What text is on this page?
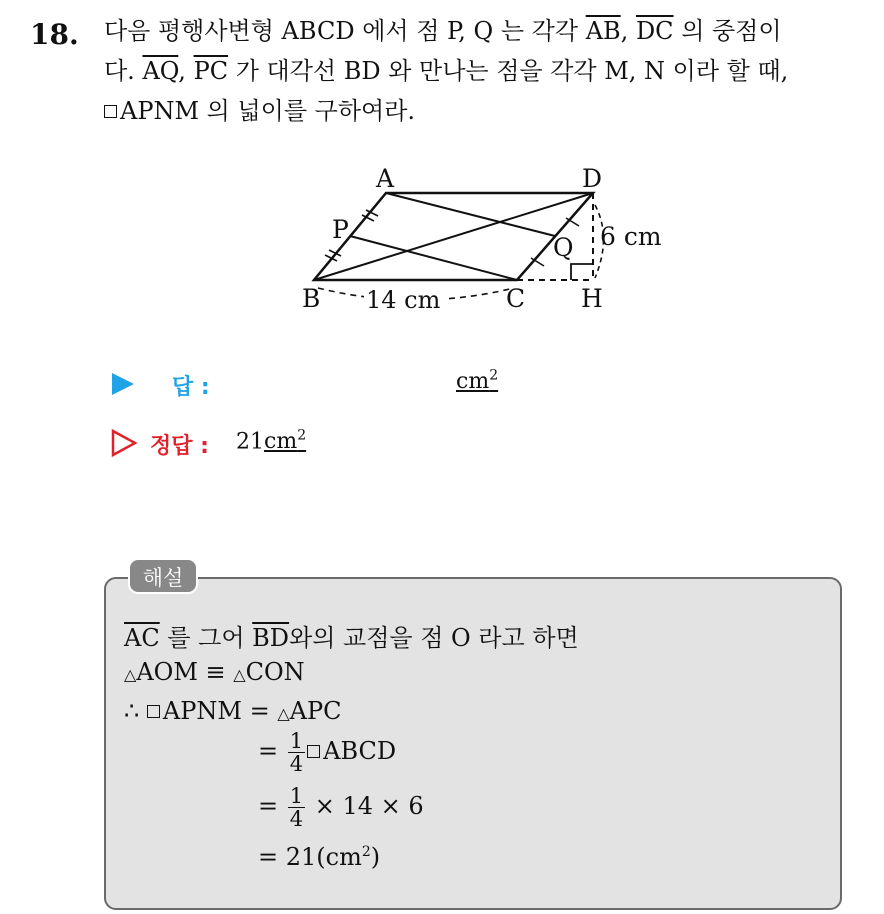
18. 다음 평행사변형 ABCD 에서 점 P, Q 는 각각 $\overline{AB}$, $\overline{DC}$ 의 중점이
다. $\overline{AQ}$, $\overline{PC}$ 가 대각선 BD 와 만나는 점을 각각 M, N 이라 할 때,
APNM 의 넓이를 구하여라.
A	D
P
Q
B	C H
6 cm
14 cm
답 :	$cm^2$
정답 : $21cm^2$
해설
$\overline{AC}$ 를 그어 $\overline{BD}$와의 교점을 점 O 라고 하면
△AOM ≡ △CON
∴ APNM = △APC
= $\frac{1}{4}$ ABCD
= $\frac{1}{4} \times 14 \times 6$
= $21(cm^2)$
